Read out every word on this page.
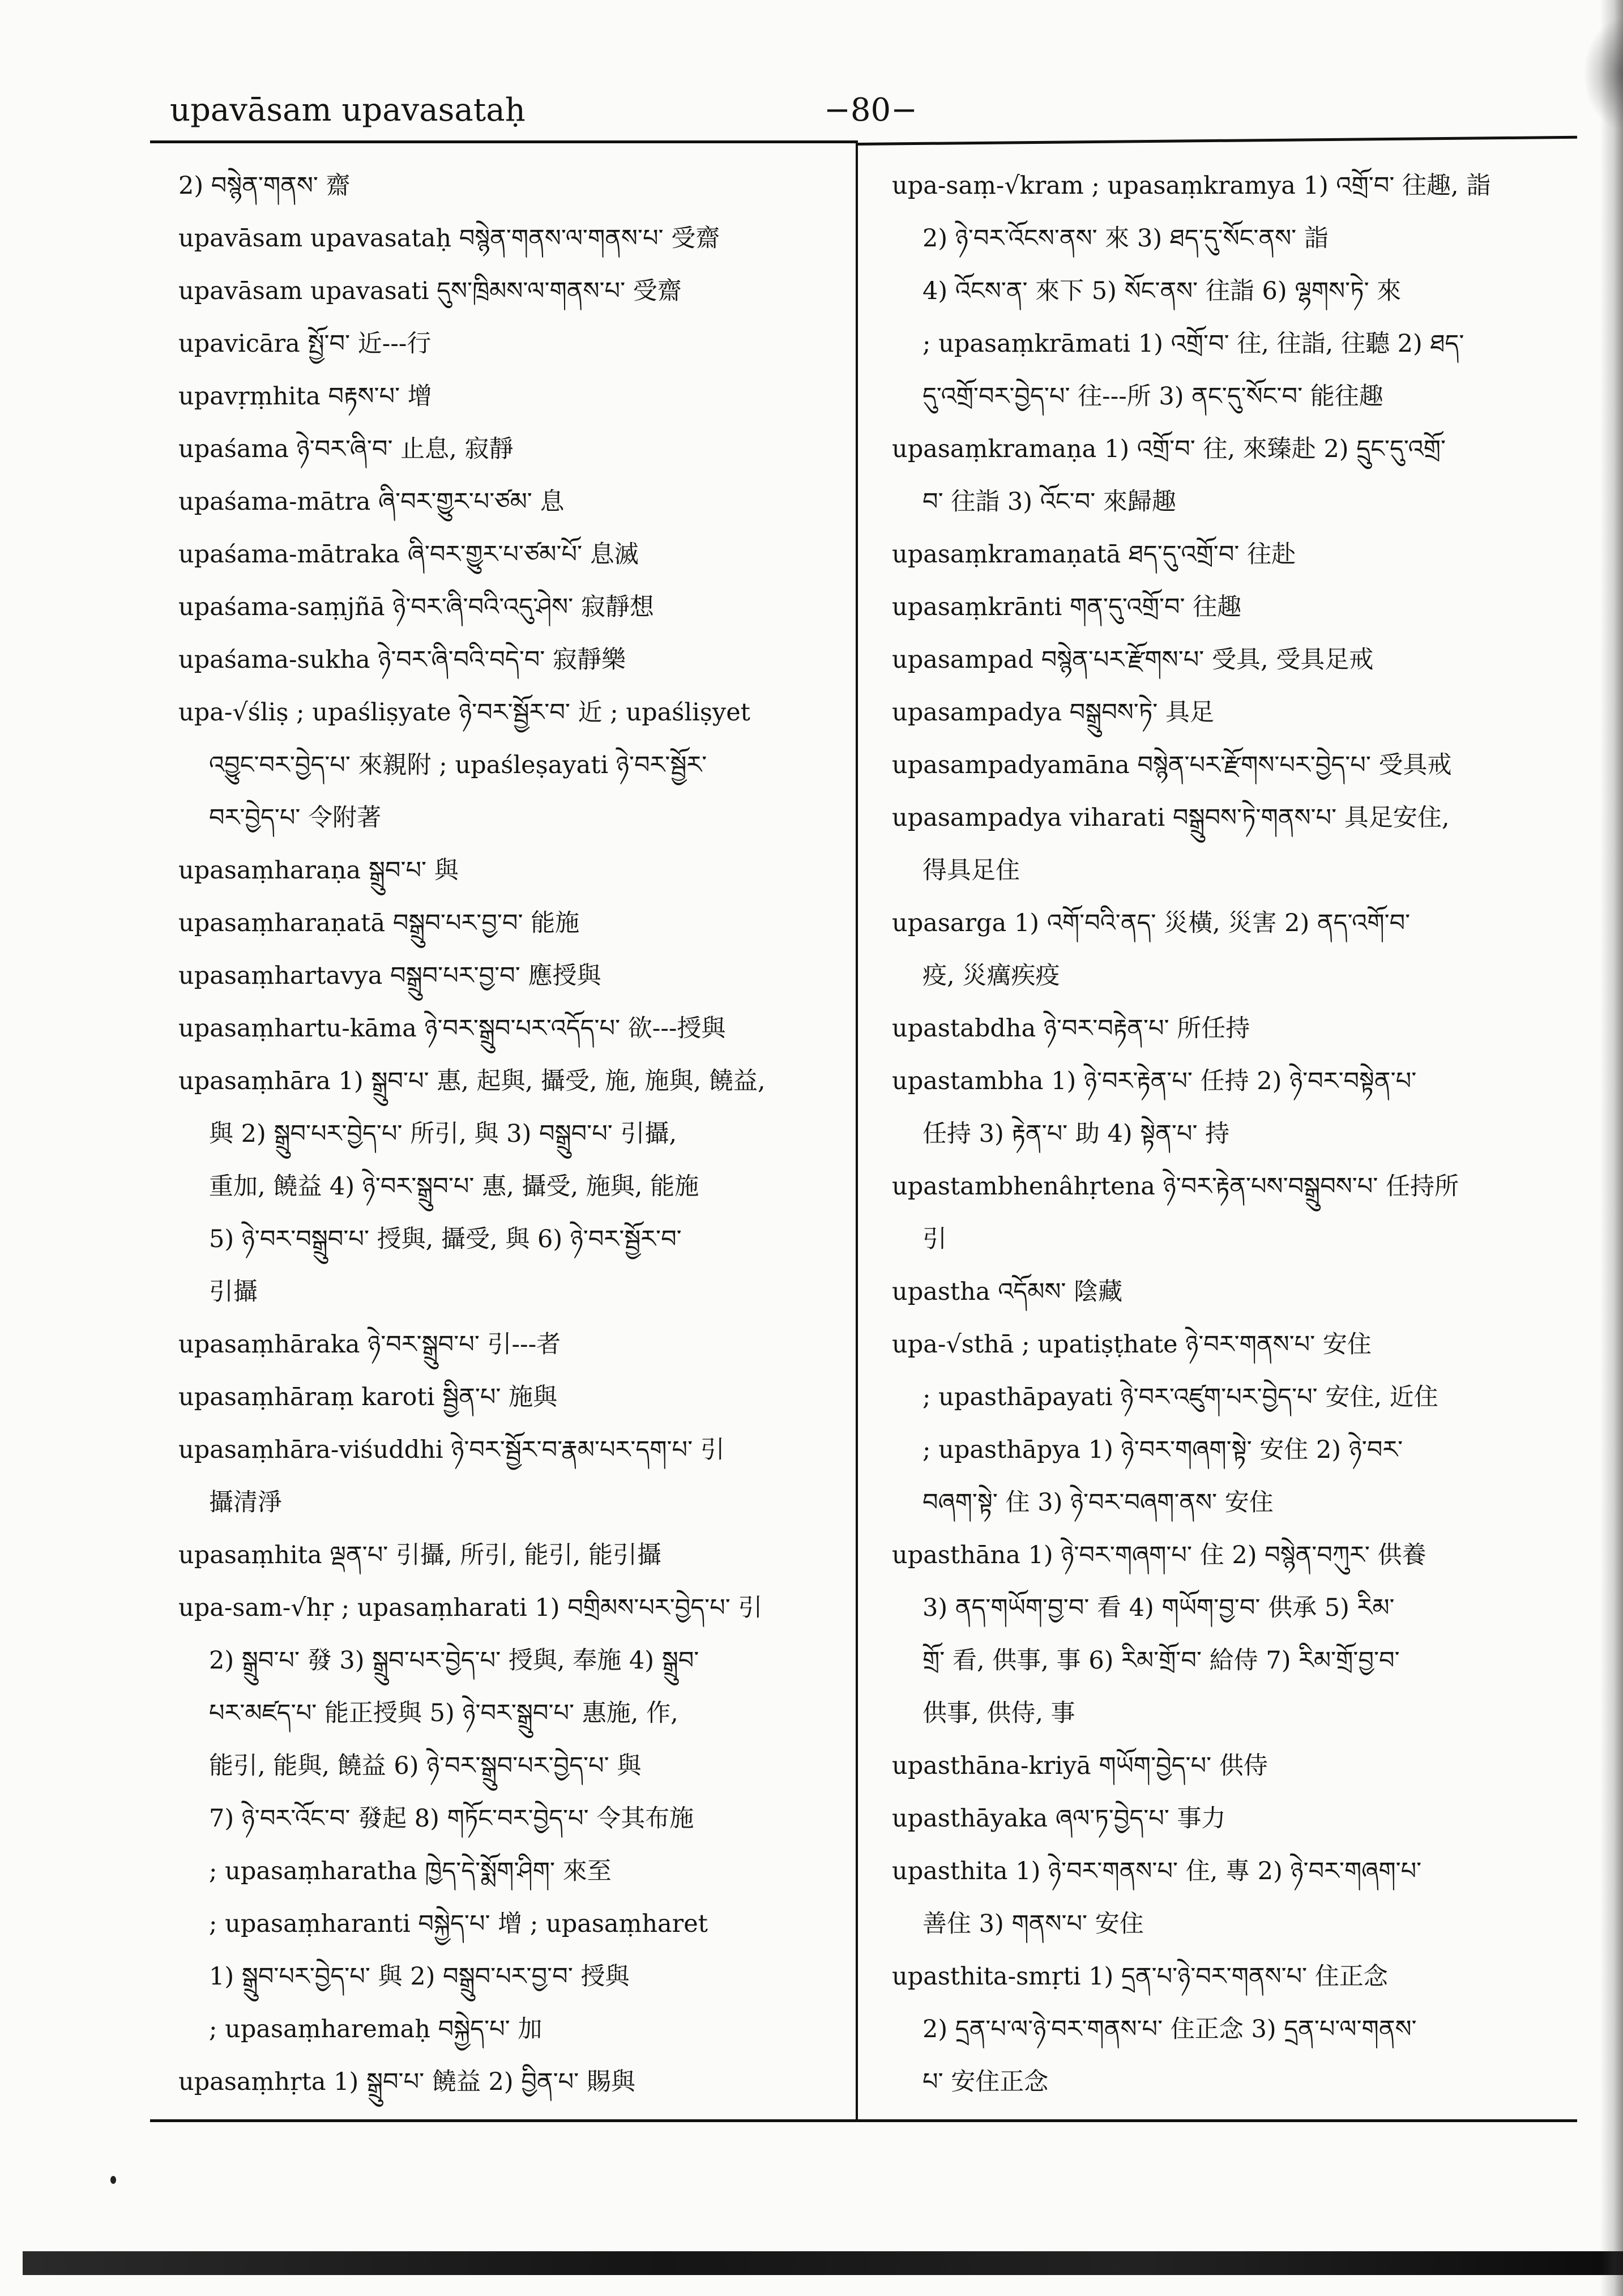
upavāsam upavasataḥ	−80−
2) བསྙེན་གནས་ 齋
upavāsam upavasataḥ བསྙེན་གནས་ལ་གནས་པ་ 受齋
upavāsam upavasati དུས་ཁྲིམས་ལ་གནས་པ་ 受齋
upavicāra སྤྱོ་བ་ 近---行
upavṛṃhita བརྟས་པ་ 增
upaśama ཉེ་བར་ཞི་བ་ 止息, 寂靜
upaśama-mātra ཞི་བར་གྱུར་པ་ཙམ་ 息
upaśama-mātraka ཞི་བར་གྱུར་པ་ཙམ་པོ་ 息滅
upaśama-saṃjñā ཉེ་བར་ཞི་བའི་འདུ་ཤེས་ 寂靜想
upaśama-sukha ཉེ་བར་ཞི་བའི་བདེ་བ་ 寂靜樂
upa-√śliṣ ; upaśliṣyate ཉེ་བར་སྦྱོར་བ་ 近 ; upaśliṣyet
འབྱུང་བར་བྱེད་པ་ 來親附 ; upaśleṣayati ཉེ་བར་སྦྱོར་
བར་བྱེད་པ་ 令附著
upasaṃharaṇa སྒྲུབ་པ་ 與
upasaṃharaṇatā བསྒྲུབ་པར་བྱ་བ་ 能施
upasaṃhartavya བསྒྲུབ་པར་བྱ་བ་ 應授與
upasaṃhartu-kāma ཉེ་བར་སྒྲུབ་པར་འདོད་པ་ 欲---授與
upasaṃhāra 1) སྒྲུབ་པ་ 惠, 起與, 攝受, 施, 施與, 饒益,
與 2) སྒྲུབ་པར་བྱེད་པ་ 所引, 與 3) བསྒྲུབ་པ་ 引攝,
重加, 饒益 4) ཉེ་བར་སྒྲུབ་པ་ 惠, 攝受, 施與, 能施
5) ཉེ་བར་བསྒྲུབ་པ་ 授與, 攝受, 與 6) ཉེ་བར་སྦྱོར་བ་
引攝
upasaṃhāraka ཉེ་བར་སྒྲུབ་པ་ 引---者
upasaṃhāraṃ karoti སྦྱིན་པ་ 施與
upasaṃhāra-viśuddhi ཉེ་བར་སྦྱོར་བ་རྣམ་པར་དག་པ་ 引
攝清淨
upasaṃhita ལྡན་པ་ 引攝, 所引, 能引, 能引攝
upa-sam-√hṛ ; upasaṃharati 1) བགྲིམས་པར་བྱེད་པ་ 引
2) སྒྲུབ་པ་ 發 3) སྒྲུབ་པར་བྱེད་པ་ 授與, 奉施 4) སྒྲུབ་
པར་མཛད་པ་ 能正授與 5) ཉེ་བར་སྒྲུབ་པ་ 惠施, 作,
能引, 能與, 饒益 6) ཉེ་བར་སྒྲུབ་པར་བྱེད་པ་ 與
7) ཉེ་བར་འོང་བ་ 發起 8) གཏོང་བར་བྱེད་པ་ 令其布施
; upasaṃharatha ཁྱེད་དེ་སྨོག་ཤིག་ 來至
; upasaṃharanti བསྐྱེད་པ་ 增 ; upasaṃharet
1) སྒྲུབ་པར་བྱེད་པ་ 與 2) བསྒྲུབ་པར་བྱ་བ་ 授與
; upasaṃharemaḥ བསྐྱེད་པ་ 加
upasaṃhṛta 1) སྒྲུབ་པ་ 饒益 2) བྱིན་པ་ 賜與
upa-saṃ-√kram ; upasaṃkramya 1) འགྲོ་བ་ 往趣, 詣
2) ཉེ་བར་འོངས་ནས་ 來 3) ཐད་དུ་སོང་ནས་ 詣
4) འོངས་ན་ 來下 5) སོང་ནས་ 往詣 6) ལྷགས་ཏེ་ 來
; upasaṃkrāmati 1) འགྲོ་བ་ 往, 往詣, 往聽 2) ཐད་
དུ་འགྲོ་བར་བྱེད་པ་ 往---所 3) ནང་དུ་སོང་བ་ 能往趣
upasaṃkramaṇa 1) འགྲོ་བ་ 往, 來臻赴 2) དྲུང་དུ་འགྲོ་
བ་ 往詣 3) འོང་བ་ 來歸趣
upasaṃkramaṇatā ཐད་དུ་འགྲོ་བ་ 往赴
upasaṃkrānti གན་དུ་འགྲོ་བ་ 往趣
upasampad བསྙེན་པར་རྫོགས་པ་ 受具, 受具足戒
upasampadya བསྒྲུབས་ཏེ་ 具足
upasampadyamāna བསྙེན་པར་རྫོགས་པར་བྱེད་པ་ 受具戒
upasampadya viharati བསྒྲུབས་ཏེ་གནས་པ་ 具足安住,
得具足住
upasarga 1) འགོ་བའི་ནད་ 災橫, 災害 2) ནད་འགོ་བ་
疫, 災癘疾疫
upastabdha ཉེ་བར་བརྟེན་པ་ 所任持
upastambha 1) ཉེ་བར་རྟེན་པ་ 任持 2) ཉེ་བར་བསྟེན་པ་
任持 3) རྟེན་པ་ 助 4) སྟེན་པ་ 持
upastambhenâhṛtena ཉེ་བར་རྟེན་པས་བསྒྲུབས་པ་ 任持所
引
upastha འདོམས་ 陰藏
upa-√sthā ; upatiṣṭhate ཉེ་བར་གནས་པ་ 安住
; upasthāpayati ཉེ་བར་འཛུག་པར་བྱེད་པ་ 安住, 近住
; upasthāpya 1) ཉེ་བར་གཞག་སྟེ་ 安住 2) ཉེ་བར་
བཞག་སྟེ་ 住 3) ཉེ་བར་བཞག་ནས་ 安住
upasthāna 1) ཉེ་བར་གཞག་པ་ 住 2) བསྙེན་བཀུར་ 供養
3) ནད་གཡོག་བྱ་བ་ 看 4) གཡོག་བྱ་བ་ 供承 5) རིམ་
གྲོ་ 看, 供事, 事 6) རིམ་གྲོ་བ་ 給侍 7) རིམ་གྲོ་བྱ་བ་
供事, 供侍, 事
upasthāna-kriyā གཡོག་བྱེད་པ་ 供侍
upasthāyaka ཞལ་ཏ་བྱེད་པ་ 事力
upasthita 1) ཉེ་བར་གནས་པ་ 住, 專 2) ཉེ་བར་གཞག་པ་
善住 3) གནས་པ་ 安住
upasthita-smṛti 1) དྲན་པ་ཉེ་བར་གནས་པ་ 住正念
2) དྲན་པ་ལ་ཉེ་བར་གནས་པ་ 住正念 3) དྲན་པ་ལ་གནས་
པ་ 安住正念
